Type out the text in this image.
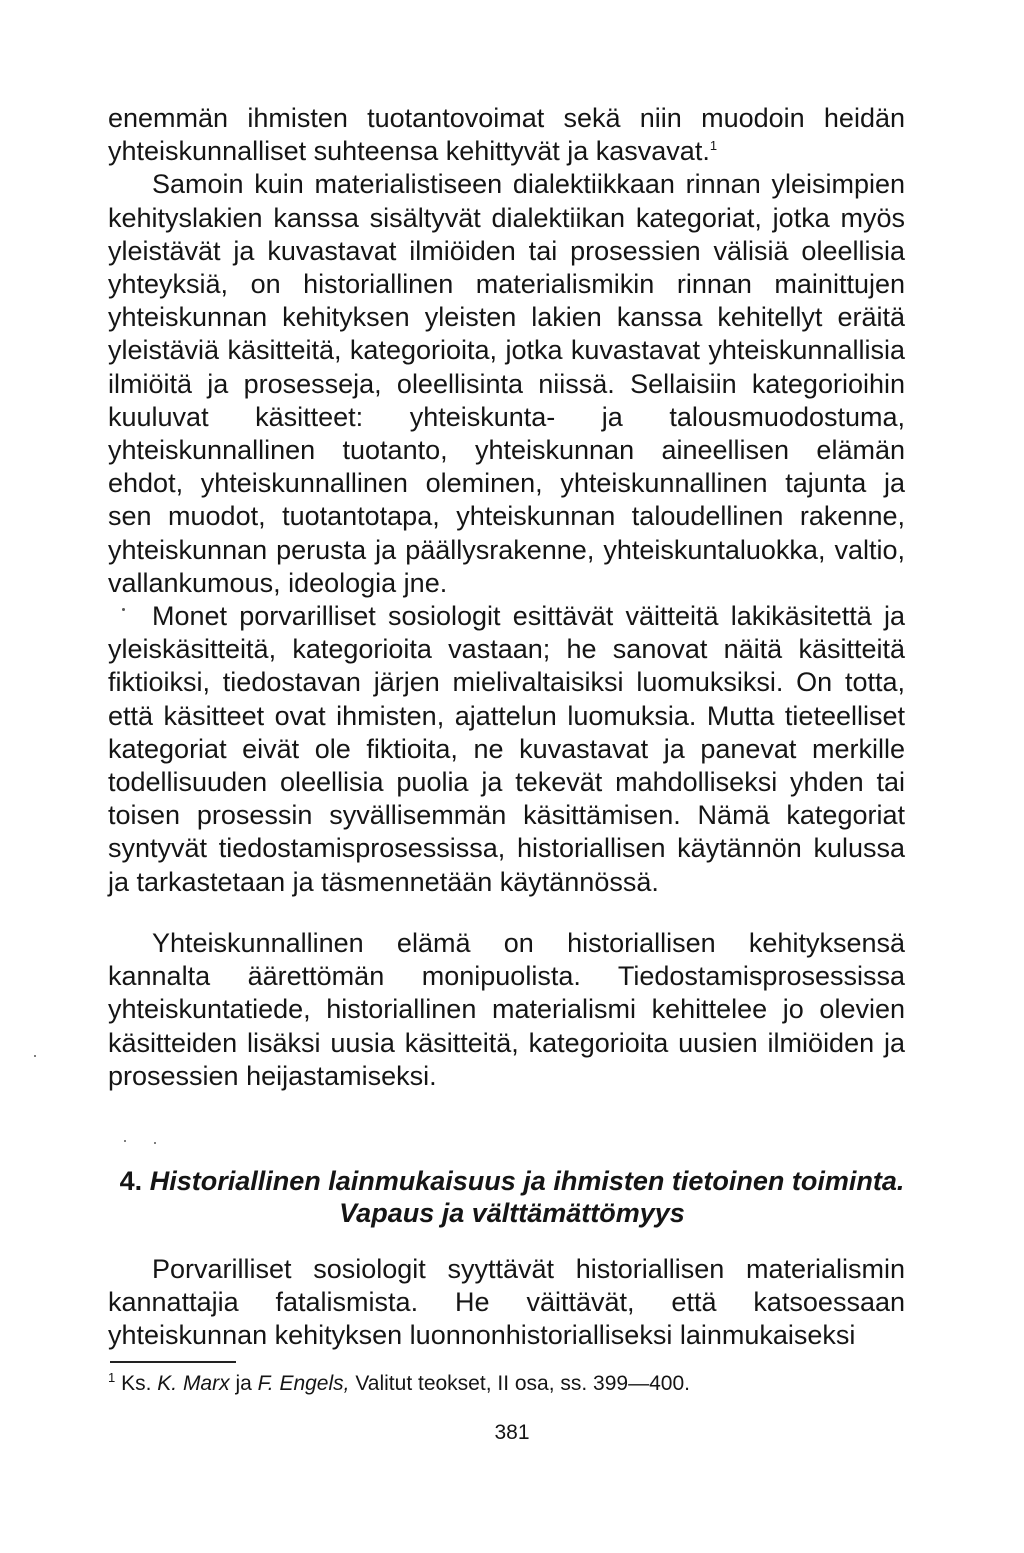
enemmän ihmisten tuotantovoimat sekä niin muodoin heidän yhteiskunnalliset suhteensa kehittyvät ja kasvavat.$^1$

Samoin kuin materialistiseen dialektiikkaan rinnan yleisimpien kehityslakien kanssa sisältyvät dialektiikan kategoriat, jotka myös yleistävät ja kuvastavat ilmiöiden tai prosessien välisiä oleellisia yhteyksiä, on historiallinen materialismikin rinnan mainittujen yhteiskunnan kehityksen yleisten lakien kanssa kehitellyt eräitä yleistäviä käsitteitä, kategorioita, jotka kuvastavat yhteiskunnallisia ilmiöitä ja prosesseja, oleellisinta niissä. Sellaisiin kategorioihin kuuluvat käsitteet: yhteiskunta- ja talousmuodostuma, yhteiskunnallinen tuotanto, yhteiskunnan aineellisen elämän ehdot, yhteiskunnallinen oleminen, yhteiskunnallinen tajunta ja sen muodot, tuotantotapa, yhteiskunnan taloudellinen rakenne, yhteiskunnan perusta ja päällysrakenne, yhteiskuntaluokka, valtio, vallankumous, ideologia jne.

Monet porvarilliset sosiologit esittävät väitteitä lakikäsitettä ja yleiskäsitteitä, kategorioita vastaan; he sanovat näitä käsitteitä fiktioiksi, tiedostavan järjen mielivaltaisiksi luomuksiksi. On totta, että käsitteet ovat ihmisten, ajattelun luomuksia. Mutta tieteelliset kategoriat eivät ole fiktioita, ne kuvastavat ja panevat merkille todellisuuden oleellisia puolia ja tekevät mahdolliseksi yhden tai toisen prosessin syvällisemmän käsittämisen. Nämä kategoriat syntyvät tiedostamisprosessissa, historiallisen käytännön kulussa ja tarkastetaan ja täsmennetään käytännössä.

Yhteiskunnallinen elämä on historiallisen kehityksensä kannalta äärettömän monipuolista. Tiedostamisprosessissa yhteiskuntatiede, historiallinen materialismi kehittelee jo olevien käsitteiden lisäksi uusia käsitteitä, kategorioita uusien ilmiöiden ja prosessien heijastamiseksi.

4. Historiallinen lainmukaisuus ja ihmisten tietoinen toiminta.
Vapaus ja välttämättömyys

Porvarilliset sosiologit syyttävät historiallisen materialismin kannattajia fatalismista. He väittävät, että katsoessaan yhteiskunnan kehityksen luonnonhistorialliseksi lainmukaiseksi

$^1$ Ks. K. Marx ja F. Engels, Valitut teokset, II osa, ss. 399—400.
381
